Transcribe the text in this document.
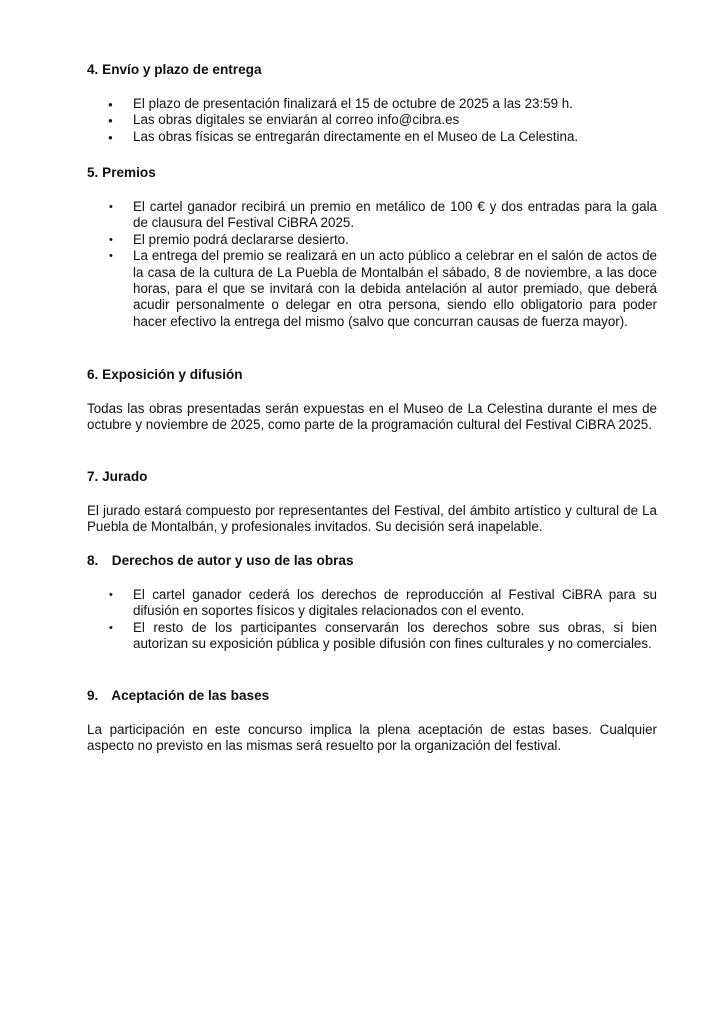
4. Envío y plazo de entrega
● El plazo de presentación finalizará el 15 de octubre de 2025 a las 23:59 h.
● Las obras digitales se enviarán al correo info@cibra.es
● Las obras físicas se entregarán directamente en el Museo de La Celestina.
5. Premios
• El cartel ganador recibirá un premio en metálico de 100 € y dos entradas para la gala de clausura del Festival CiBRA 2025.
• El premio podrá declararse desierto.
• La entrega del premio se realizará en un acto público a celebrar en el salón de actos de la casa de la cultura de La Puebla de Montalbán el sábado, 8 de noviembre, a las doce horas, para el que se invitará con la debida antelación al autor premiado, que deberá acudir personalmente o delegar en otra persona, siendo ello obligatorio para poder hacer efectivo la entrega del mismo (salvo que concurran causas de fuerza mayor).
6. Exposición y difusión
Todas las obras presentadas serán expuestas en el Museo de La Celestina durante el mes de octubre y noviembre de 2025, como parte de la programación cultural del Festival CiBRA 2025.
7. Jurado
El jurado estará compuesto por representantes del Festival, del ámbito artístico y cultural de La Puebla de Montalbán, y profesionales invitados. Su decisión será inapelable.
8. Derechos de autor y uso de las obras
• El cartel ganador cederá los derechos de reproducción al Festival CiBRA para su difusión en soportes físicos y digitales relacionados con el evento.
• El resto de los participantes conservarán los derechos sobre sus obras, si bien autorizan su exposición pública y posible difusión con fines culturales y no comerciales.
9. Aceptación de las bases
La participación en este concurso implica la plena aceptación de estas bases. Cualquier aspecto no previsto en las mismas será resuelto por la organización del festival.
